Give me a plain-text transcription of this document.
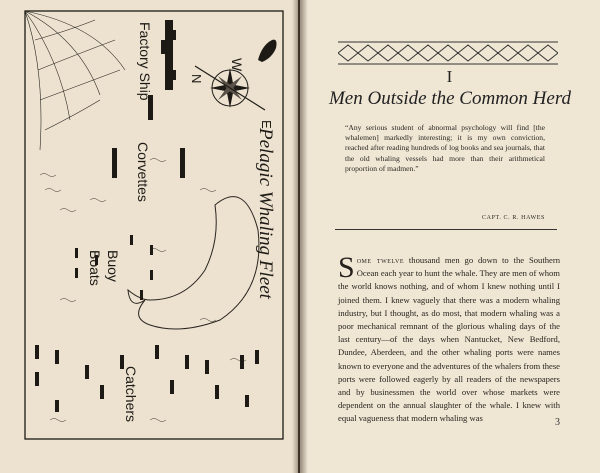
N
W
E
Factory Ship
Corvettes
Buoy
Boats
Catchers
Pelagic Whaling Fleet
I
Men Outside the Common Herd
“Any serious student of abnormal psychology will find [the whalemen] markedly interesting; it is my own conviction, reached after reading hundreds of log books and sea journals, that the old whaling vessels had more than their arithmetical proportion of madmen.”
CAPT. C. R. HAWES
Some twelve thousand men go down to the Southern Ocean each year to hunt the whale. They are men of whom the world knows nothing, and of whom I knew nothing until I joined them. I knew vaguely that there was a modern whaling industry, but I thought, as do most, that modern whaling was a poor mechanical remnant of the glorious whaling days of the last century—of the days when Nantucket, New Bedford, Dundee, Aberdeen, and the other whaling ports were names known to everyone and the adventures of the whalers from these ports were followed eagerly by all readers of the newspapers and by businessmen the world over whose markets were dependent on the annual slaughter of the whale. I knew with equal vagueness that modern whaling was	3
